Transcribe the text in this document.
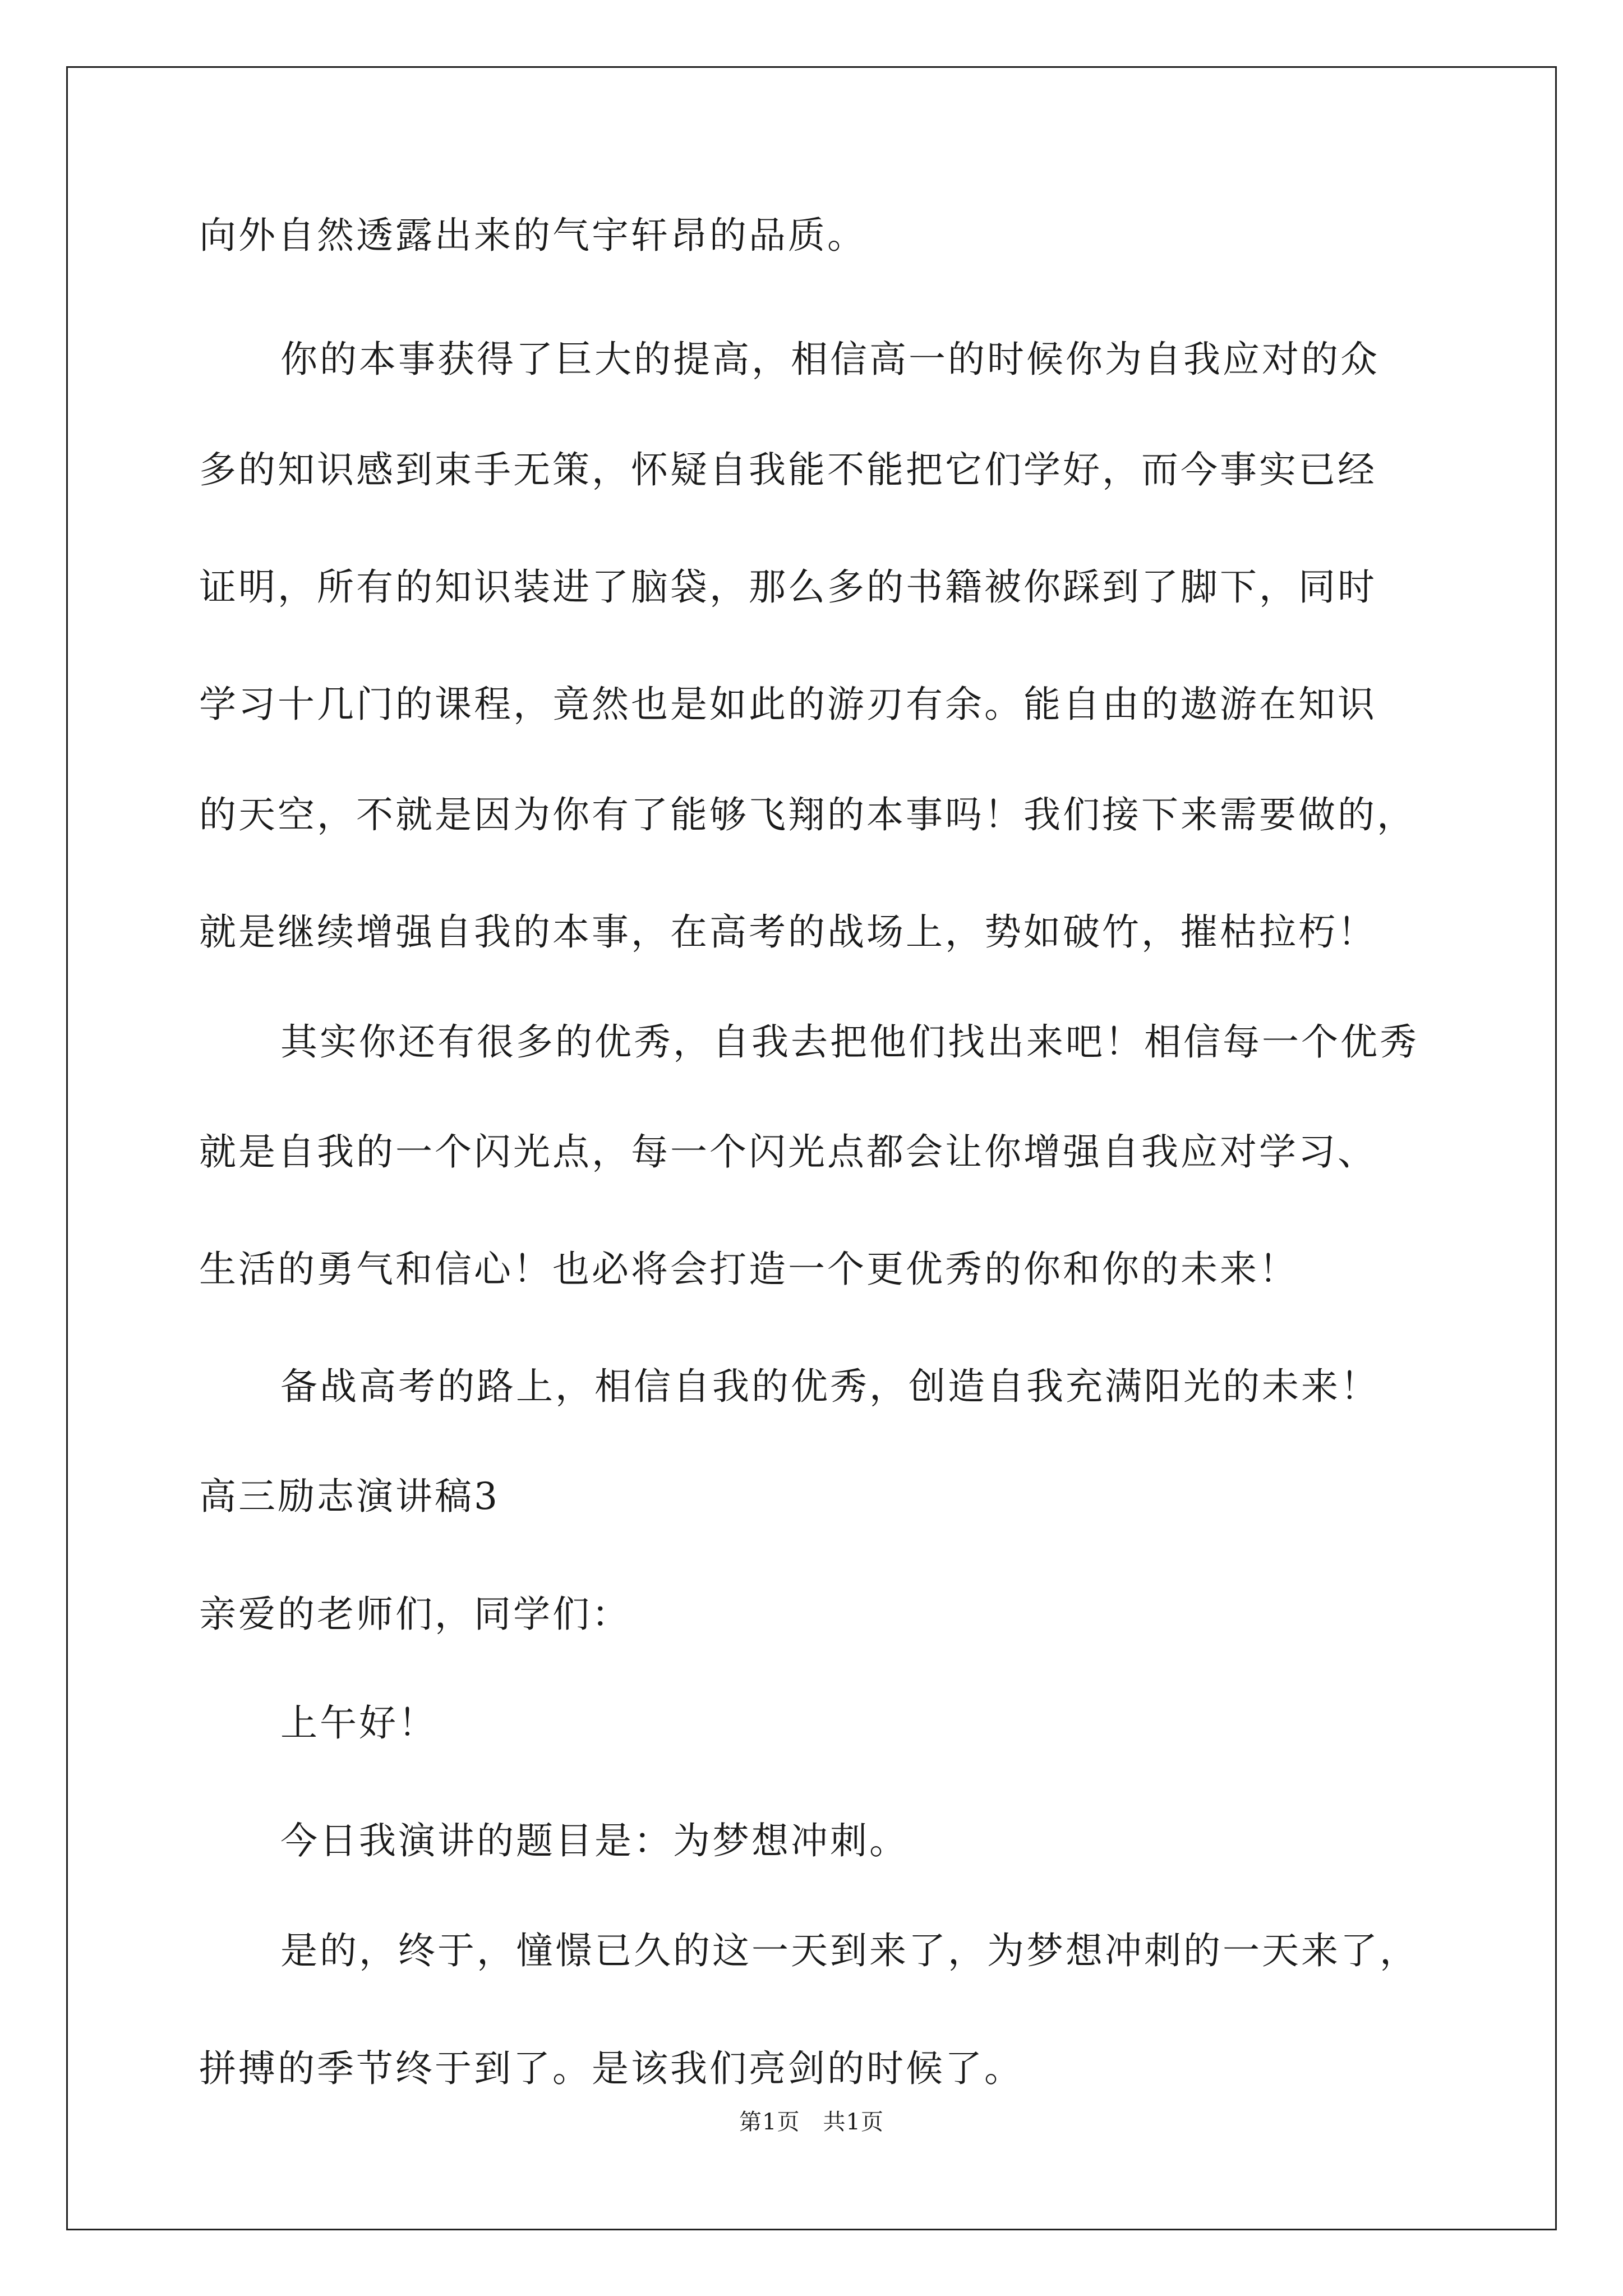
向外自然透露出来的气宇轩昂的品质。
你的本事获得了巨大的提高，相信高一的时候你为自我应对的众
多的知识感到束手无策，怀疑自我能不能把它们学好，而今事实已经
证明，所有的知识装进了脑袋，那么多的书籍被你踩到了脚下，同时
学习十几门的课程，竟然也是如此的游刃有余。能自由的遨游在知识
的天空，不就是因为你有了能够飞翔的本事吗！我们接下来需要做的，
就是继续增强自我的本事，在高考的战场上，势如破竹，摧枯拉朽！
其实你还有很多的优秀，自我去把他们找出来吧！相信每一个优秀
就是自我的一个闪光点，每一个闪光点都会让你增强自我应对学习、
生活的勇气和信心！也必将会打造一个更优秀的你和你的未来！
备战高考的路上，相信自我的优秀，创造自我充满阳光的未来！
高三励志演讲稿3
亲爱的老师们，同学们：
上午好！
今日我演讲的题目是：为梦想冲刺。
是的，终于，憧憬已久的这一天到来了，为梦想冲刺的一天来了，
拼搏的季节终于到了。是该我们亮剑的时候了。
第1页　共1页
